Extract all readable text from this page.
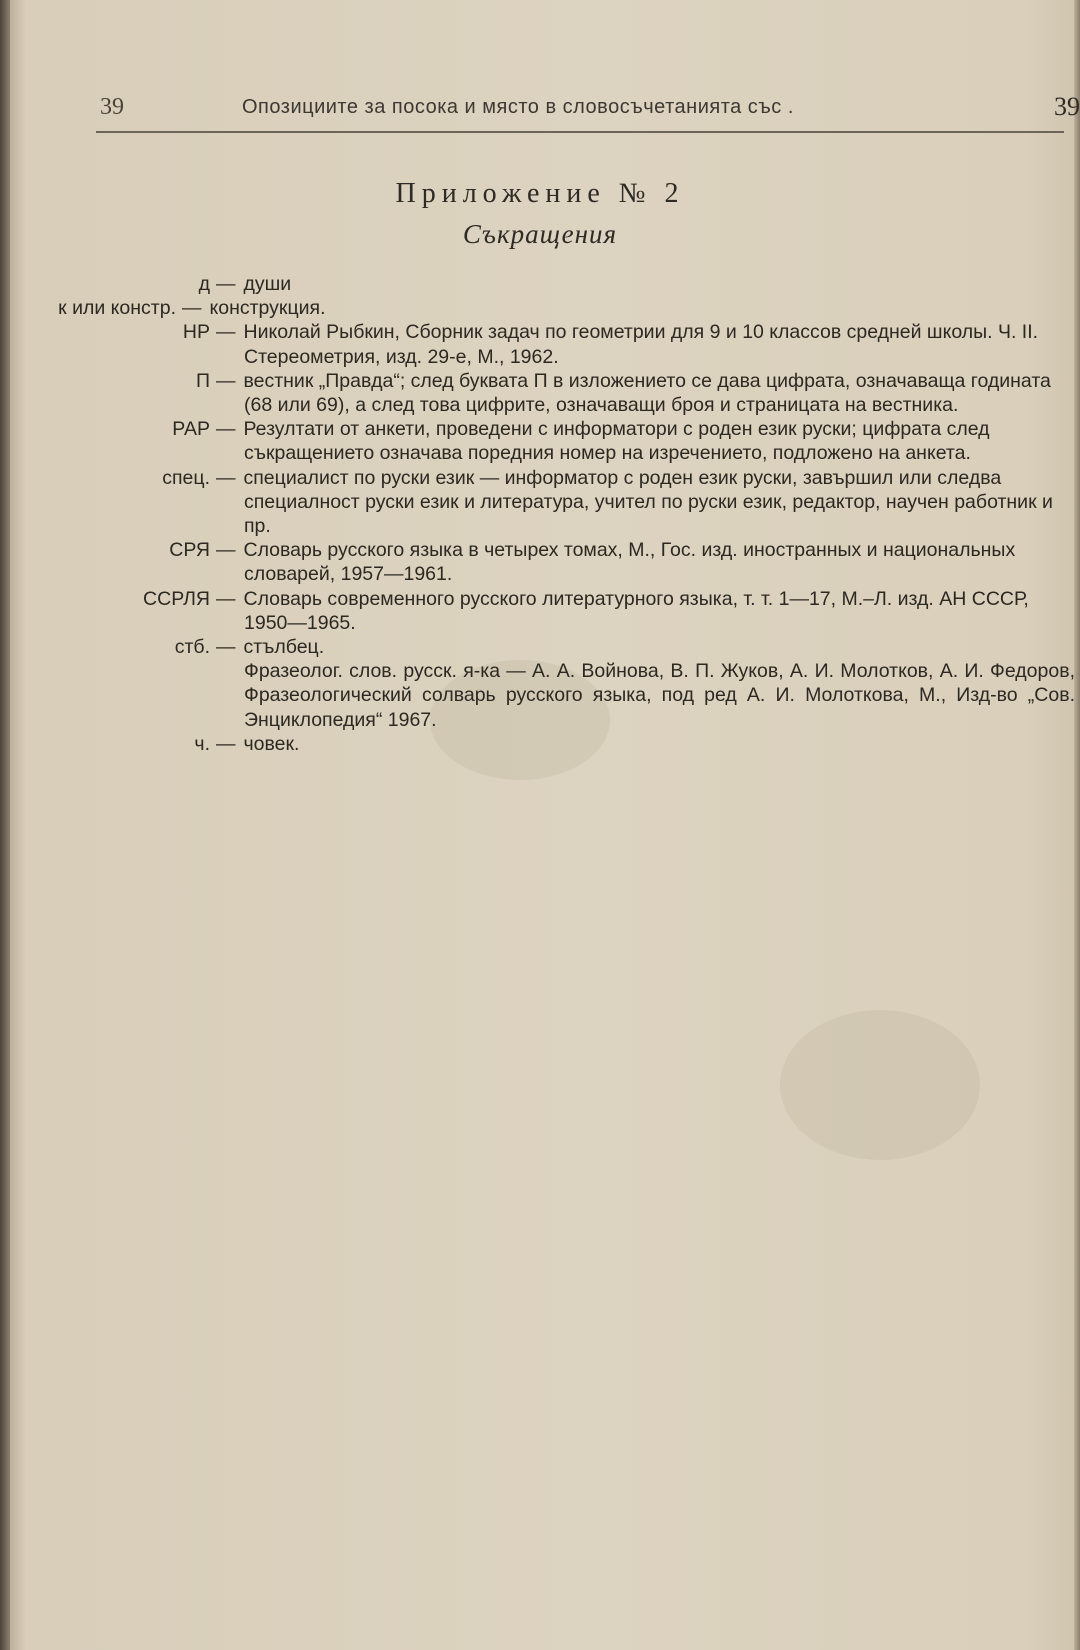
39	Опозициите за посока и място в словосъчетанията със .	39
Приложение № 2
Съкращения

д — души

к или констр. — конструкция.

НР — Николай Рыбкин, Сборник задач по геометрии для 9 и 10 классов средней школы. Ч. II. Стереометрия, изд. 29-е, М., 1962.

П — вестник „Правда“; след буквата П в изложението се дава цифрата, означаваща годината (68 или 69), а след това цифрите, означаващи броя и страницата на вестника.

РАР — Резултати от анкети, проведени с информатори с роден език руски; цифрата след съкращението означава поредния номер на изречението, подложено на анкета.

спец. — специалист по руски език — информатор с роден език руски, завършил или следва специалност руски език и литература, учител по руски език, редактор, научен работник и пр.

СРЯ — Словарь русского языка в четырех томах, М., Гос. изд. иностранных и национальных словарей, 1957—1961.

ССРЛЯ — Словарь современного русского литературного языка, т. т. 1—17, М.–Л. изд. АН СССР, 1950—1965.

стб. — стълбец.

Фразеолог. слов. русск. я-ка — А. А. Войнова, В. П. Жуков, А. И. Молотков, А. И. Федоров, Фразеологический солварь русского языка, под ред А. И. Молоткова, М., Изд-во „Сов. Энциклопедия“ 1967.

ч. — човек.
